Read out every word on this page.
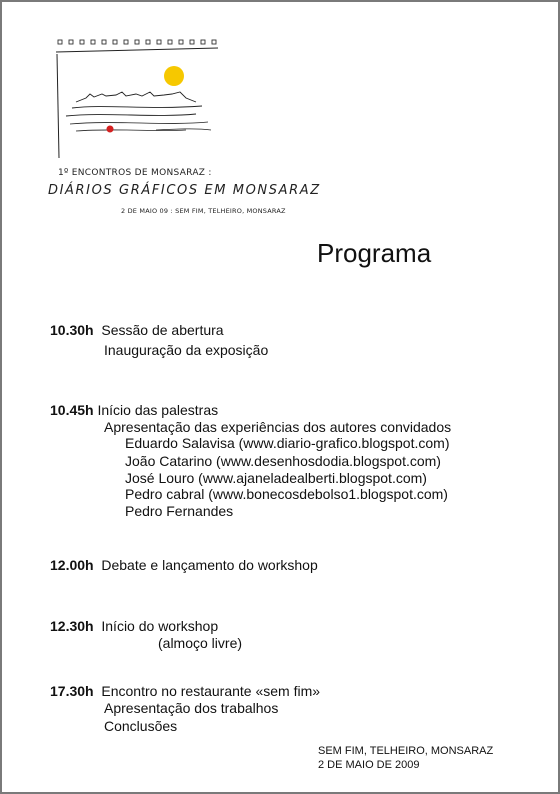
1º ENCONTROS DE MONSARAZ :
DIÁRIOS GRÁFICOS EM MONSARAZ
2 DE MAIO 09 : SEM FIM, TELHEIRO, MONSARAZ
Programa
10.30h Sessão de abertura
Inauguração da exposição
10.45h Início das palestras
Apresentação das experiências dos autores convidados
Eduardo Salavisa (www.diario-grafico.blogspot.com)
João Catarino (www.desenhosdodia.blogspot.com)
José Louro (www.ajaneladealberti.blogspot.com)
Pedro cabral (www.bonecosdebolso1.blogspot.com)
Pedro Fernandes
12.00h Debate e lançamento do workshop
12.30h Início do workshop
(almoço livre)
17.30h Encontro no restaurante «sem fim»
Apresentação dos trabalhos
Conclusões
SEM FIM, TELHEIRO, MONSARAZ
2 DE MAIO DE 2009
